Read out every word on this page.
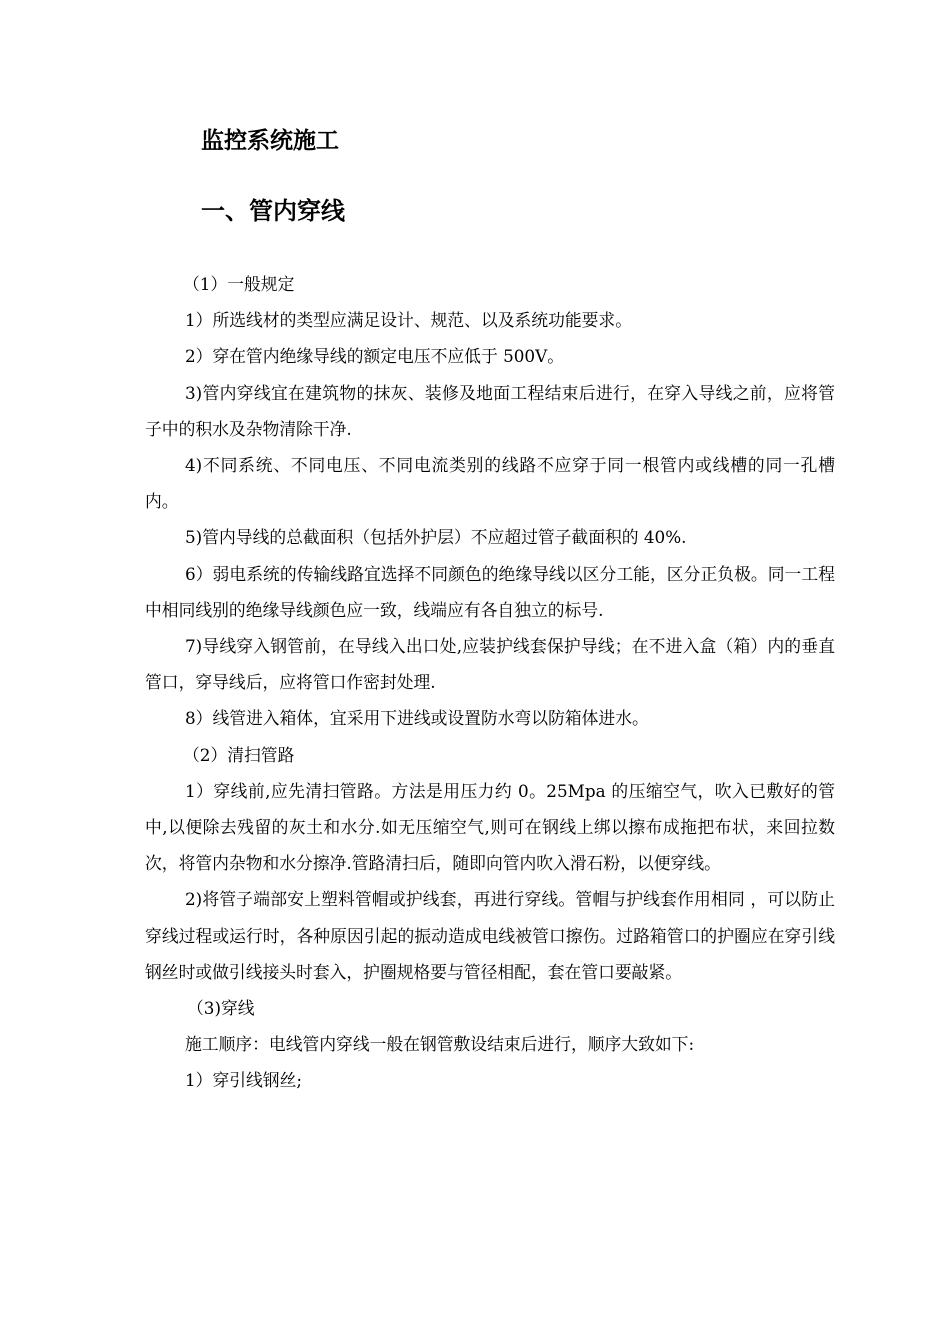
监控系统施工
一、管内穿线

（1）一般规定

1）所选线材的类型应满足设计、规范、以及系统功能要求。

2）穿在管内绝缘导线的额定电压不应低于 500V。

3)管内穿线宜在建筑物的抹灰、装修及地面工程结束后进行，在穿入导线之前，应将管子中的积水及杂物清除干净.

4)不同系统、不同电压、不同电流类别的线路不应穿于同一根管内或线槽的同一孔槽内。

5)管内导线的总截面积（包括外护层）不应超过管子截面积的 40%.

6）弱电系统的传输线路宜选择不同颜色的绝缘导线以区分工能，区分正负极。同一工程中相同线别的绝缘导线颜色应一致，线端应有各自独立的标号.

7)导线穿入钢管前，在导线入出口处,应装护线套保护导线；在不进入盒（箱）内的垂直管口，穿导线后，应将管口作密封处理.

8）线管进入箱体，宜采用下进线或设置防水弯以防箱体进水。

（2）清扫管路

1）穿线前,应先清扫管路。方法是用压力约 0。25Mpa 的压缩空气，吹入已敷好的管中,以便除去残留的灰土和水分.如无压缩空气,则可在钢线上绑以擦布成拖把布状，来回拉数次，将管内杂物和水分擦净.管路清扫后，随即向管内吹入滑石粉，以便穿线。

2)将管子端部安上塑料管帽或护线套，再进行穿线。管帽与护线套作用相同 ，可以防止穿线过程或运行时，各种原因引起的振动造成电线被管口擦伤。过路箱管口的护圈应在穿引线钢丝时或做引线接头时套入，护圈规格要与管径相配，套在管口要敲紧。

（3)穿线

施工顺序：电线管内穿线一般在钢管敷设结束后进行，顺序大致如下:

1）穿引线钢丝;
